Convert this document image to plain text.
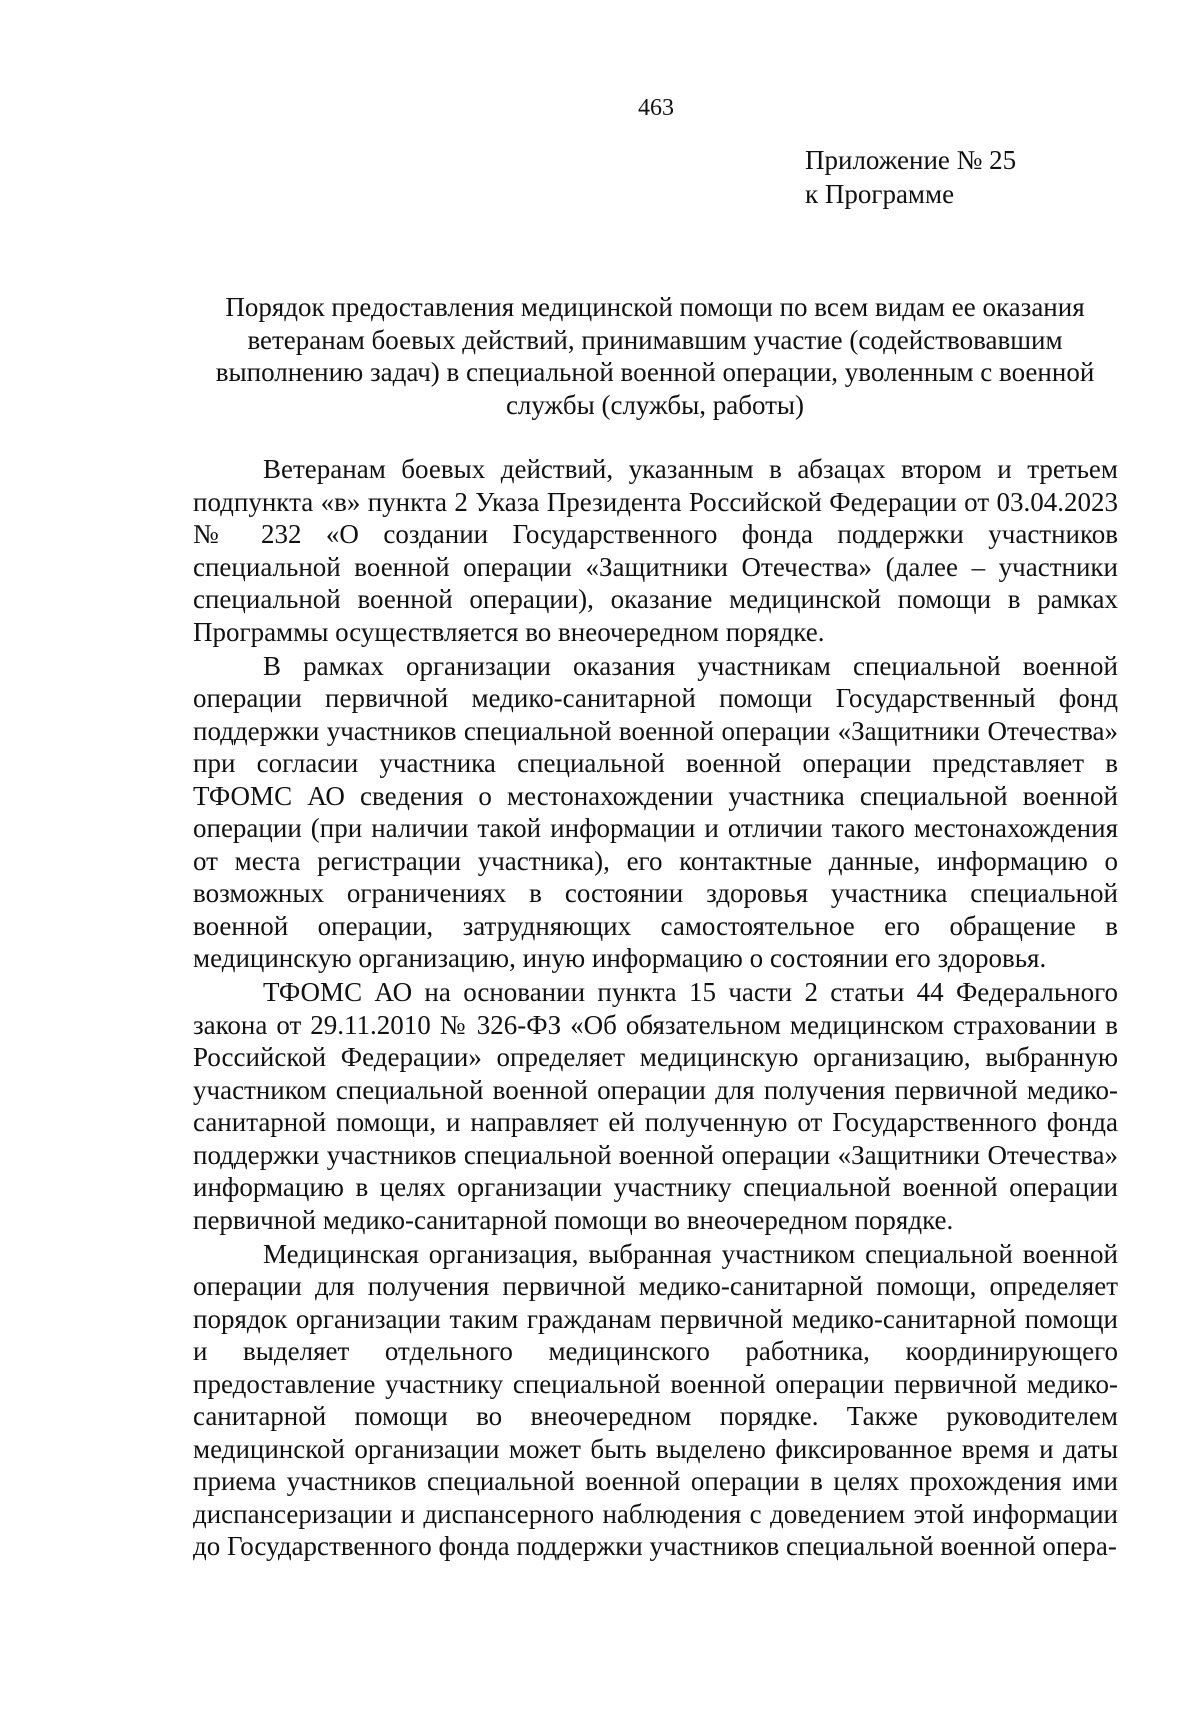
463
Приложение № 25
к Программе
Порядок предоставления медицинской помощи по всем видам ее оказания ветеранам боевых действий, принимавшим участие (содействовавшим выполнению задач) в специальной военной операции, уволенным с военной службы (службы, работы)

Ветеранам боевых действий, указанным в абзацах втором и третьем подпункта «в» пункта 2 Указа Президента Российской Федерации от 03.04.2023 № 232 «О создании Государственного фонда поддержки участников специальной военной операции «Защитники Отечества» (далее – участники специальной военной операции), оказание медицинской помощи в рамках Программы осуществляется во внеочередном порядке.

В рамках организации оказания участникам специальной военной операции первичной медико-санитарной помощи Государственный фонд поддержки участников специальной военной операции «Защитники Отечества» при согласии участника специальной военной операции представляет в ТФОМС АО сведения о местонахождении участника специальной военной операции (при наличии такой информации и отличии такого местонахождения от места регистрации участника), его контактные данные, информацию о возможных ограничениях в состоянии здоровья участника специальной военной операции, затрудняющих самостоятельное его обращение в медицинскую организацию, иную информацию о состоянии его здоровья.

ТФОМС АО на основании пункта 15 части 2 статьи 44 Федерального закона от 29.11.2010 № 326-ФЗ «Об обязательном медицинском страховании в Российской Федерации» определяет медицинскую организацию, выбранную участником специальной военной операции для получения первичной медико-санитарной помощи, и направляет ей полученную от Государственного фонда поддержки участников специальной военной операции «Защитники Отечества» информацию в целях организации участнику специальной военной операции первичной медико-санитарной помощи во внеочередном порядке.

Медицинская организация, выбранная участником специальной военной операции для получения первичной медико-санитарной помощи, определяет порядок организации таким гражданам первичной медико-санитарной помощи и выделяет отдельного медицинского работника, координирующего предоставление участнику специальной военной операции первичной медико-санитарной помощи во внеочередном порядке. Также руководителем медицинской организации может быть выделено фиксированное время и даты приема участников специальной военной операции в целях прохождения ими диспансеризации и диспансерного наблюдения с доведением этой информации до Государственного фонда поддержки участников специальной военной опера-
